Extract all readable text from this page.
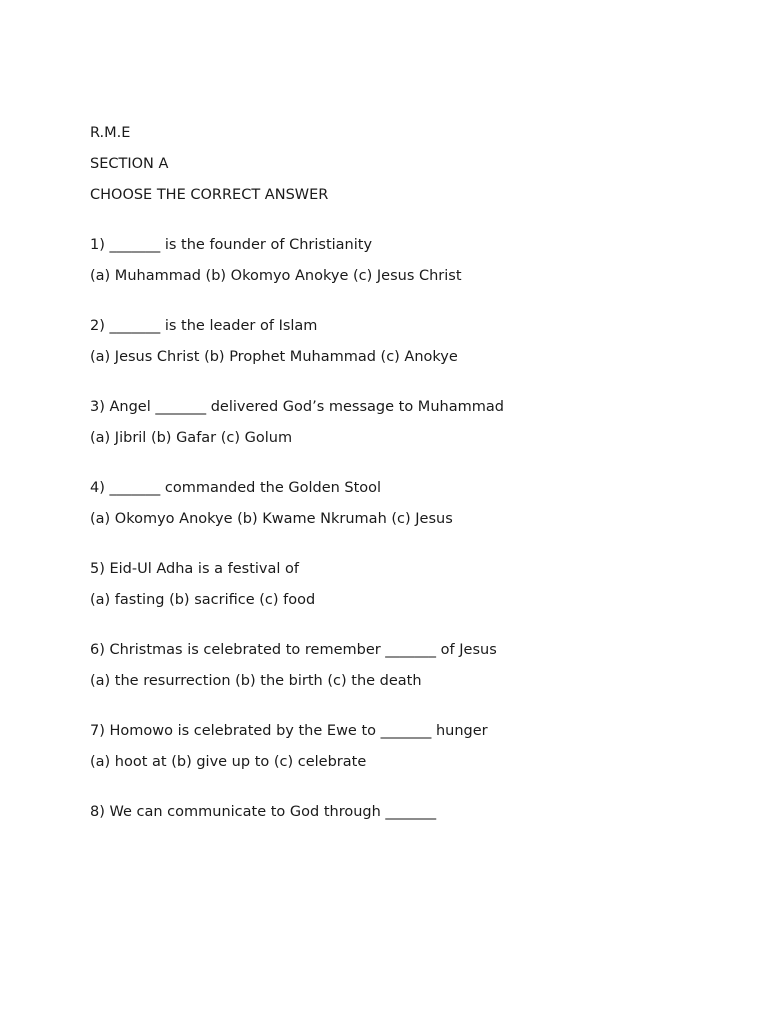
R.M.E
SECTION A
CHOOSE THE CORRECT ANSWER
1) _______ is the founder of Christianity
(a) Muhammad (b) Okomyo Anokye (c) Jesus Christ
2) _______ is the leader of Islam
(a) Jesus Christ (b) Prophet Muhammad (c) Anokye
3) Angel _______ delivered God’s message to Muhammad
(a) Jibril (b) Gafar (c) Golum
4) _______ commanded the Golden Stool
(a) Okomyo Anokye (b) Kwame Nkrumah (c) Jesus
5) Eid-Ul Adha is a festival of
(a) fasting (b) sacrifice (c) food
6) Christmas is celebrated to remember _______ of Jesus
(a) the resurrection (b) the birth (c) the death
7) Homowo is celebrated by the Ewe to _______ hunger
(a) hoot at (b) give up to (c) celebrate
8) We can communicate to God through _______
